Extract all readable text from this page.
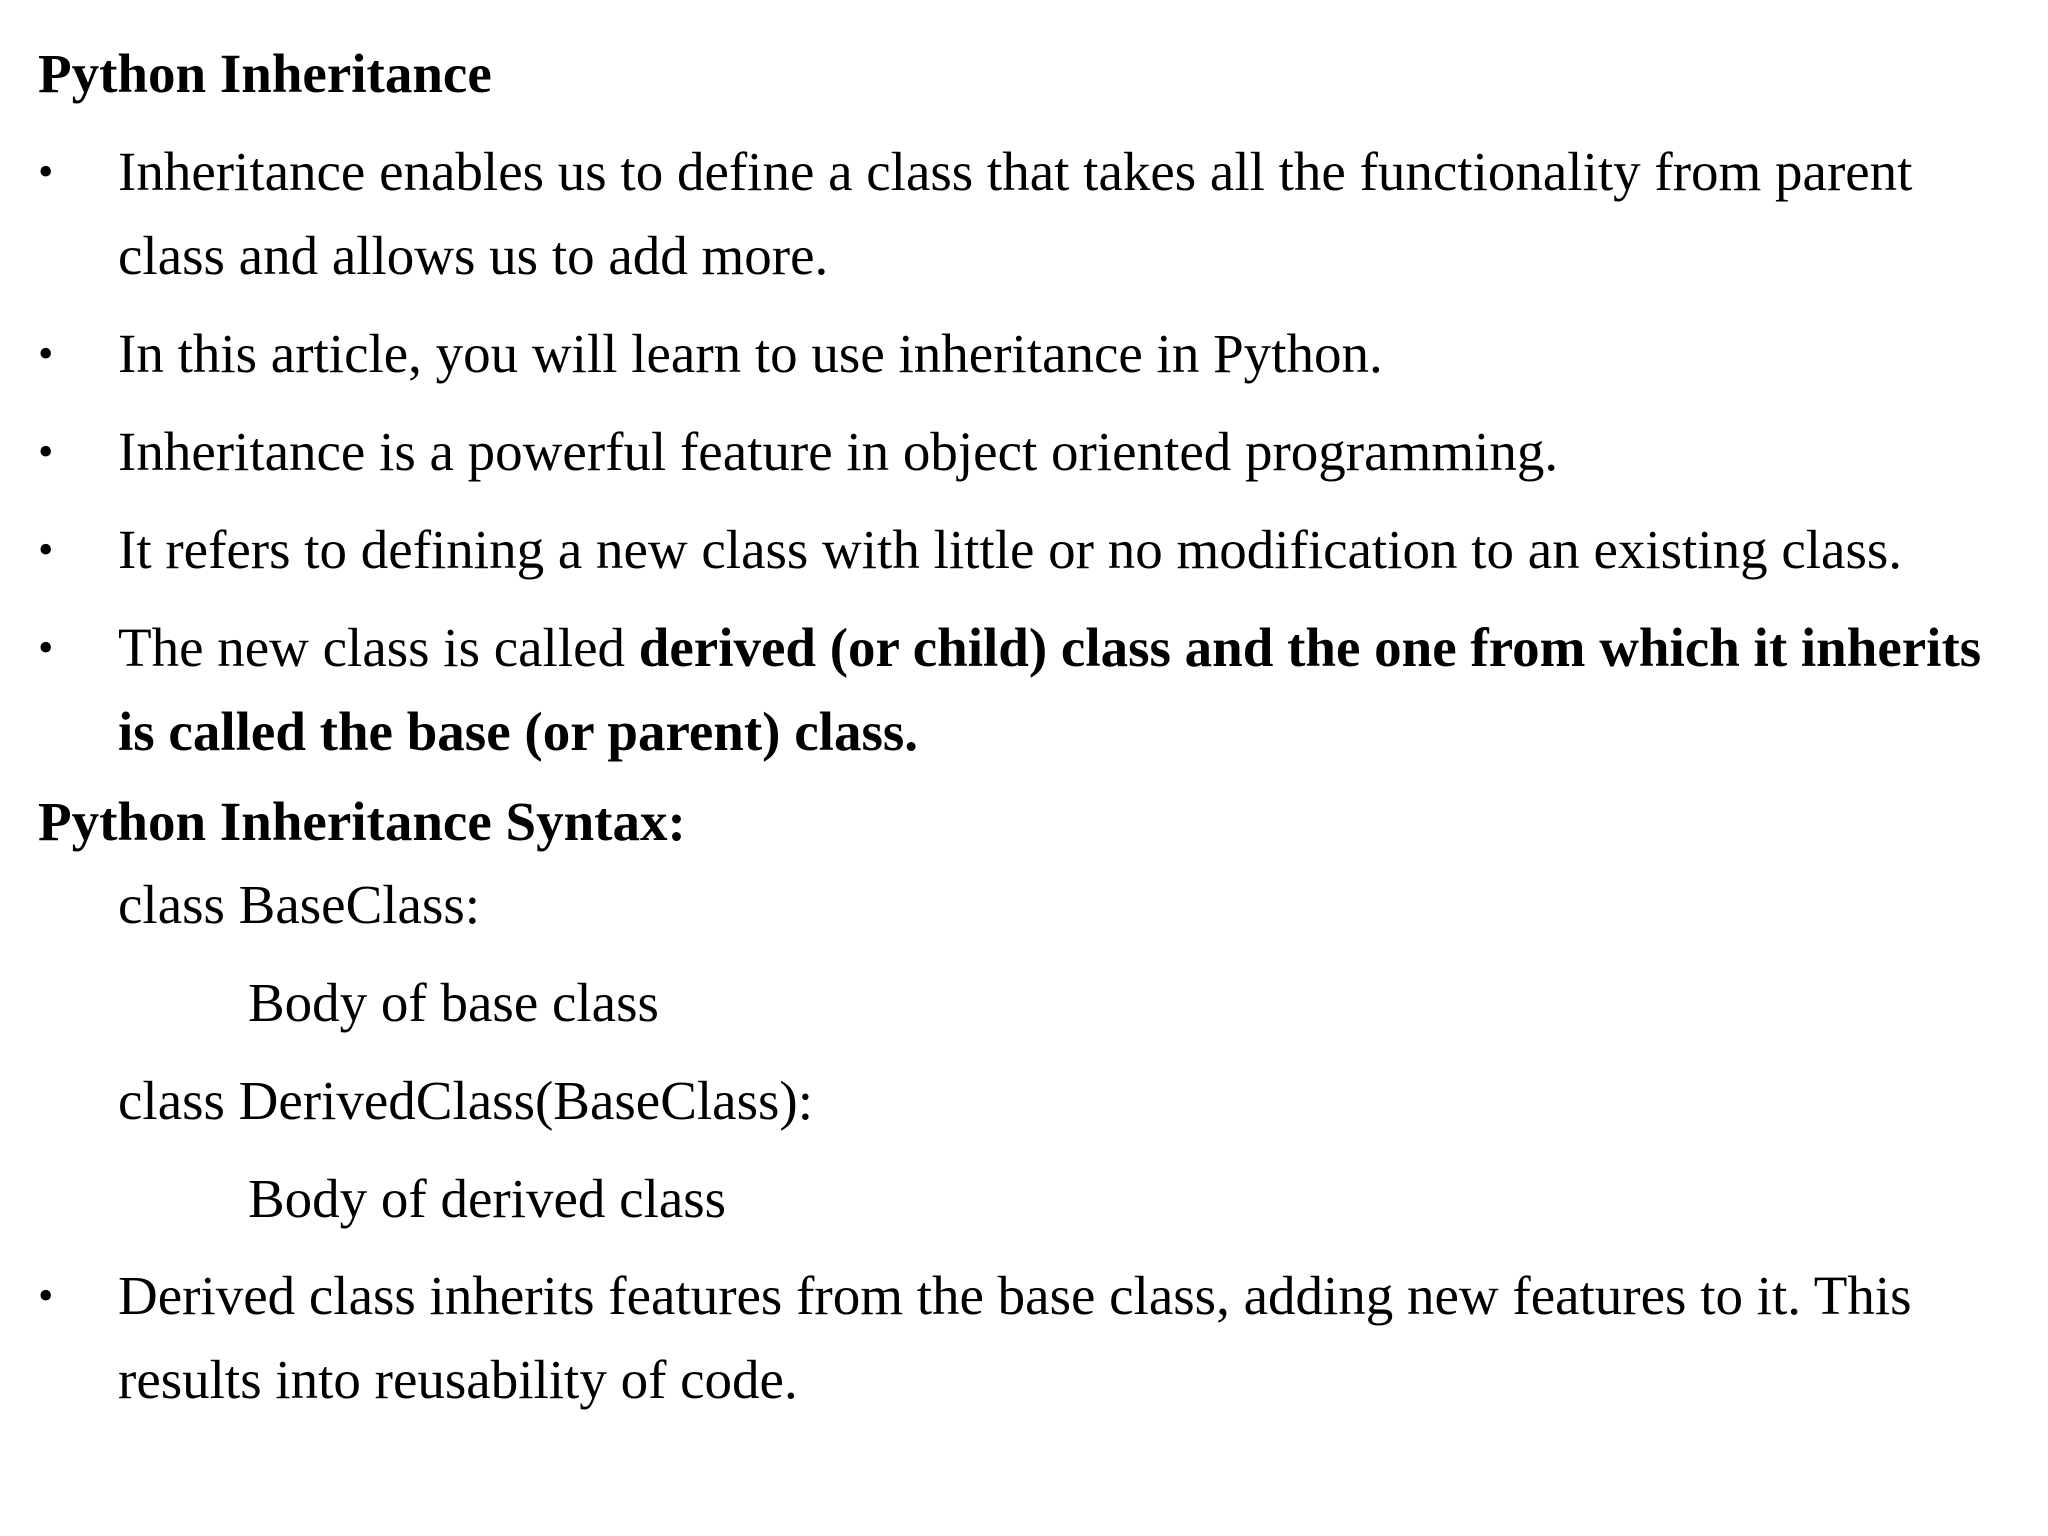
Python Inheritance
•	Inheritance enables us to define a class that takes all the functionality from parent class and allows us to add more.
•	In this article, you will learn to use inheritance in Python.
•	Inheritance is a powerful feature in object oriented programming.
•	It refers to defining a new class with little or no modification to an existing class.
•	The new class is called derived (or child) class and the one from which it inherits is called the base (or parent) class.
Python Inheritance Syntax:
class BaseClass:
Body of base class
class DerivedClass(BaseClass):
Body of derived class
•	Derived class inherits features from the base class, adding new features to it. This results into reusability of code.
